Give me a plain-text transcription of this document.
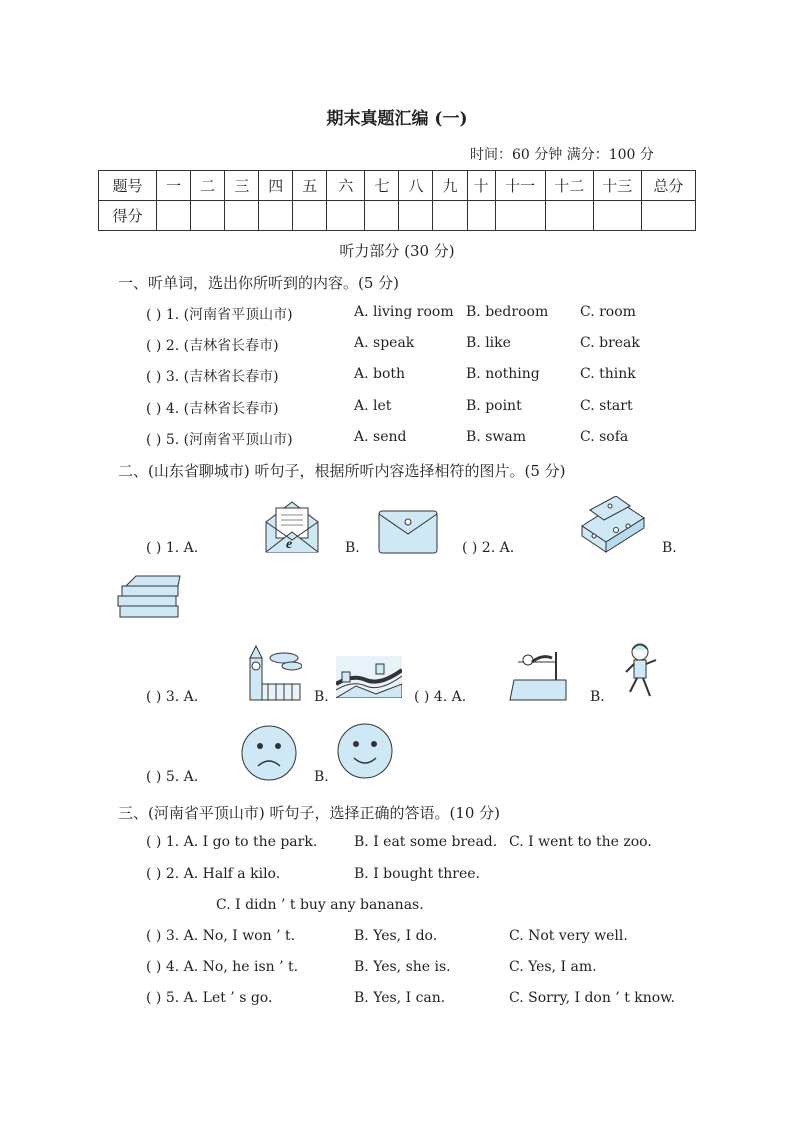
期末真题汇编 (一)
时间：60 分钟 满分：100 分
题号	一	二	三	四	五	六	七	八	九	十	十一	十二	十三	总分
得分														
听力部分 (30 分)
一、听单词，选出你所听到的内容。(5 分)
( ) 1. (河南省平顶山市)	A. living room B. bedroom C. room
( ) 2. (吉林省长春市)	A. speak	B. like	C. break
( ) 3. (吉林省长春市)	A. both	B. nothing	C. think
( ) 4. (吉林省长春市)	A. let	B. point	C. start
( ) 5. (河南省平顶山市)	A. send	B. swam	C. sofa
二、(山东省聊城市) 听句子，根据所听内容选择相符的图片。(5 分)
( ) 1. A.	e	B.	( ) 2. A.	B.
( ) 3. A.	B.	( ) 4. A.	B.
( ) 5. A.	B.
三、(河南省平顶山市) 听句子，选择正确的答语。(10 分)
( ) 1. A. I go to the park.	B. I eat some bread. C. I went to the zoo.
( ) 2. A. Half a kilo.	B. I bought three.
C. I didn ’ t buy any bananas.
( ) 3. A. No, I won ’ t.	B. Yes, I do.	C. Not very well.
( ) 4. A. No, he isn ’ t.	B. Yes, she is.	C. Yes, I am.
( ) 5. A. Let ’ s go.	B. Yes, I can.	C. Sorry, I don ’ t know.
